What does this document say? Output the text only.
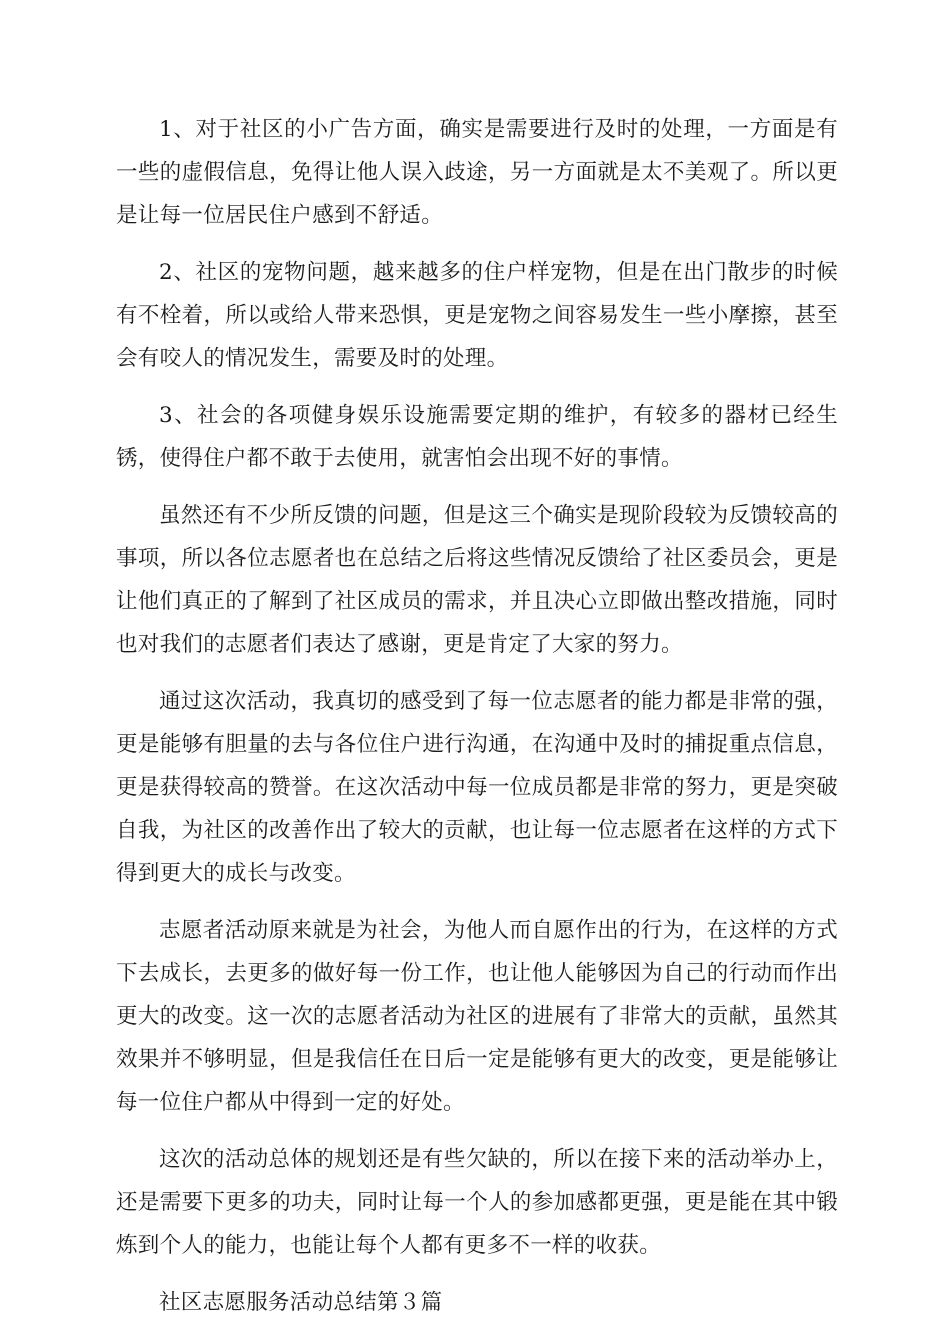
1、对于社区的小广告方面，确实是需要进行及时的处理，一方面是有一些的虚假信息，免得让他人误入歧途，另一方面就是太不美观了。所以更是让每一位居民住户感到不舒适。

2、社区的宠物问题，越来越多的住户样宠物，但是在出门散步的时候有不栓着，所以或给人带来恐惧，更是宠物之间容易发生一些小摩擦，甚至会有咬人的情况发生，需要及时的处理。

3、社会的各项健身娱乐设施需要定期的维护，有较多的器材已经生锈，使得住户都不敢于去使用，就害怕会出现不好的事情。

虽然还有不少所反馈的问题，但是这三个确实是现阶段较为反馈较高的事项，所以各位志愿者也在总结之后将这些情况反馈给了社区委员会，更是让他们真正的了解到了社区成员的需求，并且决心立即做出整改措施，同时也对我们的志愿者们表达了感谢，更是肯定了大家的努力。

通过这次活动，我真切的感受到了每一位志愿者的能力都是非常的强，更是能够有胆量的去与各位住户进行沟通，在沟通中及时的捕捉重点信息，更是获得较高的赞誉。在这次活动中每一位成员都是非常的努力，更是突破自我，为社区的改善作出了较大的贡献，也让每一位志愿者在这样的方式下得到更大的成长与改变。

志愿者活动原来就是为社会，为他人而自愿作出的行为，在这样的方式下去成长，去更多的做好每一份工作，也让他人能够因为自己的行动而作出更大的改变。这一次的志愿者活动为社区的进展有了非常大的贡献，虽然其效果并不够明显，但是我信任在日后一定是能够有更大的改变，更是能够让每一位住户都从中得到一定的好处。

这次的活动总体的规划还是有些欠缺的，所以在接下来的活动举办上，还是需要下更多的功夫，同时让每一个人的参加感都更强，更是能在其中锻炼到个人的能力，也能让每个人都有更多不一样的收获。

社区志愿服务活动总结第３篇
